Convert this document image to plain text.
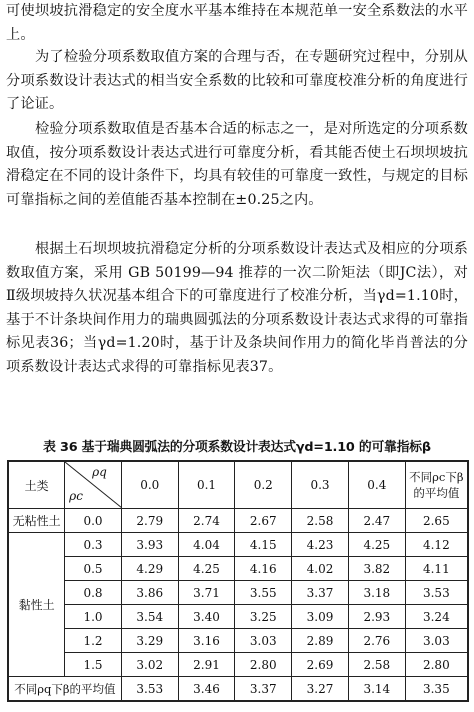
可使坝坡抗滑稳定的安全度水平基本维持在本规范单一安全系数法的水平上。

为了检验分项系数取值方案的合理与否，在专题研究过程中，分别从分项系数设计表达式的相当安全系数的比较和可靠度校准分析的角度进行了论证。

检验分项系数取值是否基本合适的标志之一，是对所选定的分项系数取值，按分项系数设计表达式进行可靠度分析，看其能否使土石坝坝坡抗滑稳定在不同的设计条件下，均具有较佳的可靠度一致性，与规定的目标可靠指标之间的差值能否基本控制在±0.25之内。

根据土石坝坝坡抗滑稳定分析的分项系数设计表达式及相应的分项系数取值方案，采用 GB 50199—94 推荐的一次二阶矩法（即JC法），对Ⅱ级坝坡持久状况基本组合下的可靠度进行了校准分析，当γd=1.10时，基于不计条块间作用力的瑞典圆弧法的分项系数设计表达式求得的可靠指标见表36；当γd=1.20时，基于计及条块间作用力的简化毕肖普法的分项系数设计表达式求得的可靠指标见表37。

表 36 基于瑞典圆弧法的分项系数设计表达式γd=1.10 的可靠指标β
土类	ρq
ρc	0.0	0.1	0.2	0.3	0.4	不同ρc下β的平均值
无粘性土	0.0	2.79	2.74	2.67	2.58	2.47	2.65
黏性土	0.3	3.93	4.04	4.15	4.23	4.25	4.12
	0.5	4.29	4.25	4.16	4.02	3.82	4.11
	0.8	3.86	3.71	3.55	3.37	3.18	3.53
	1.0	3.54	3.40	3.25	3.09	2.93	3.24
	1.2	3.29	3.16	3.03	2.89	2.76	3.03
	1.5	3.02	2.91	2.80	2.69	2.58	2.80
不同ρq下β的平均值		3.53	3.46	3.37	3.27	3.14	3.35
